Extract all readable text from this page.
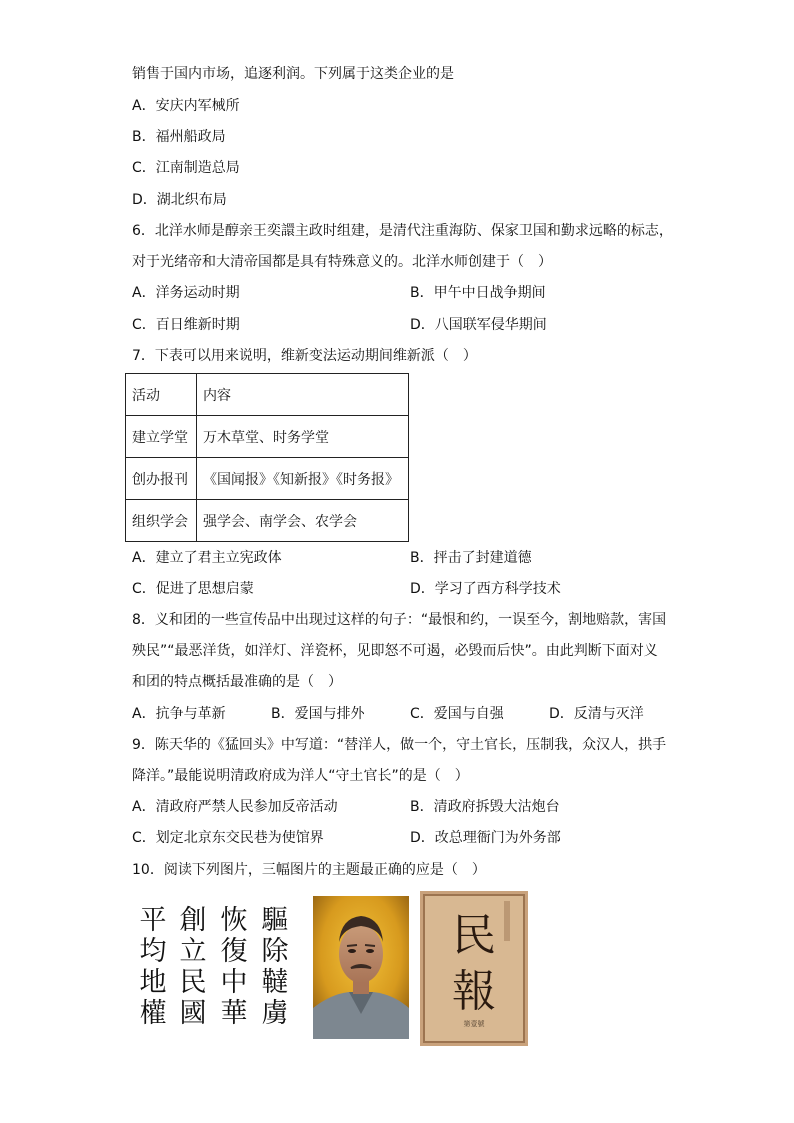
销售于国内市场，追逐利润。下列属于这类企业的是
A．安庆内军械所
B．福州船政局
C．江南制造总局
D．湖北织布局
6．北洋水师是醇亲王奕譞主政时组建，是清代注重海防、保家卫国和勤求远略的标志，
对于光绪帝和大清帝国都是具有特殊意义的。北洋水师创建于（　）
A．洋务运动时期	B．甲午中日战争期间
C．百日维新时期	D．八国联军侵华期间
7．下表可以用来说明，维新变法运动期间维新派（　）
活动	内容
建立学堂	万木草堂、时务学堂
创办报刊	《国闻报》《知新报》《时务报》
组织学会	强学会、南学会、农学会
A．建立了君主立宪政体	B．抨击了封建道德
C．促进了思想启蒙	D．学习了西方科学技术
8．义和团的一些宣传品中出现过这样的句子：“最恨和约，一误至今，割地赔款，害国
殃民”“最恶洋货，如洋灯、洋瓷杯，见即怒不可遏，必毁而后快”。由此判断下面对义
和团的特点概括最准确的是（　）
A．抗争与革新	B．爱国与排外	C．爱国与自强	D．反清与灭洋
9．陈天华的《猛回头》中写道：“替洋人，做一个，守土官长，压制我，众汉人，拱手
降洋。”最能说明清政府成为洋人“守土官长”的是（　）
A．清政府严禁人民参加反帝活动	B．清政府拆毁大沽炮台
C．划定北京东交民巷为使馆界	D．改总理衙门为外务部
10．阅读下列图片，三幅图片的主题最正确的应是（　）
平
均
地
權
創
立
民
國
恢
復
中
華
驅
除
韃
虜
民
報
第壹號
